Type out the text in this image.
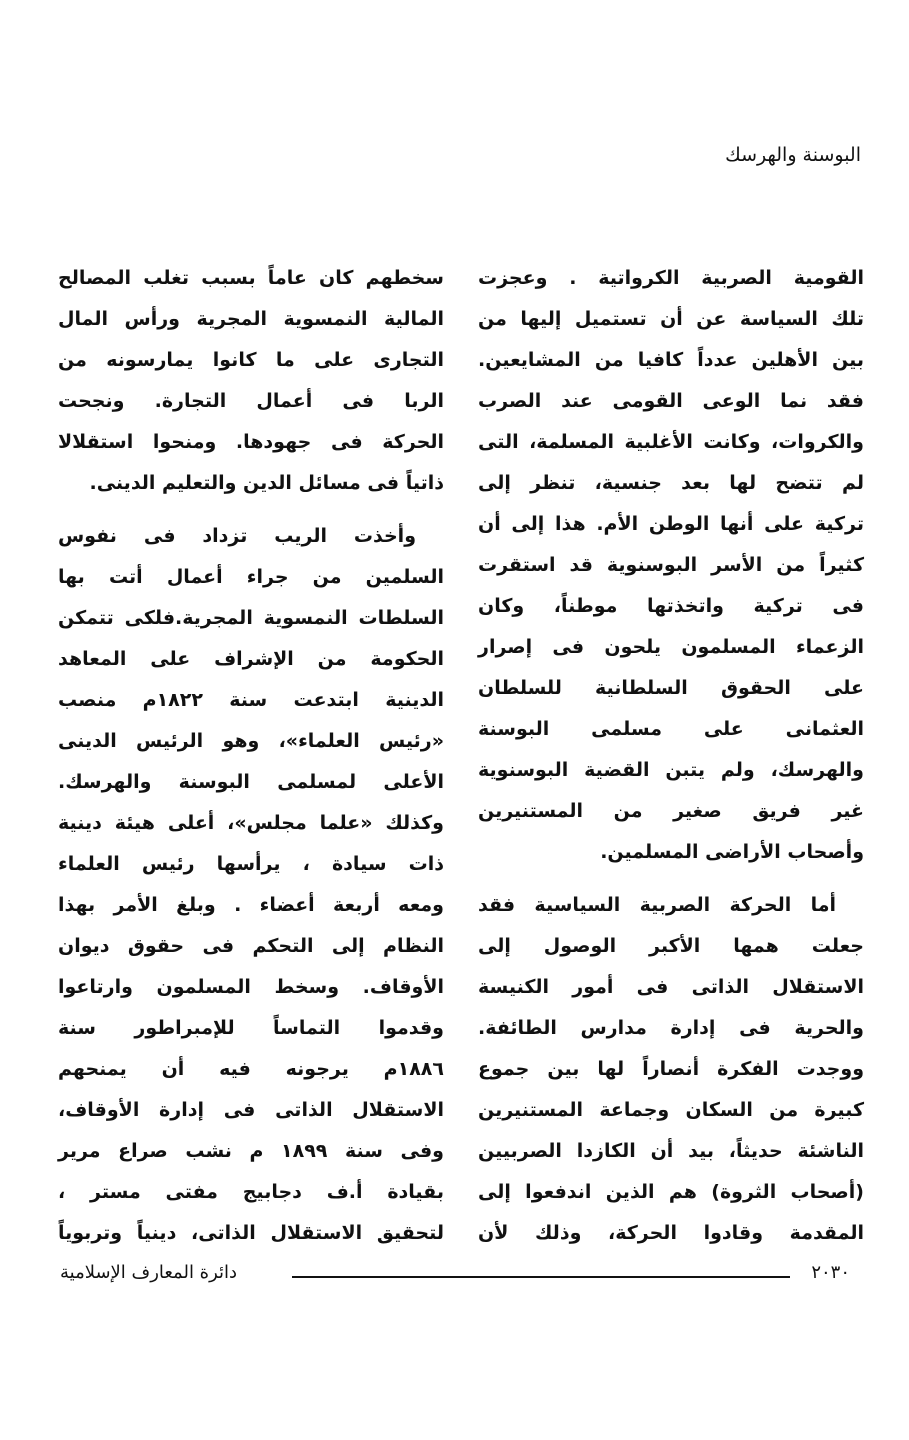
البوسنة والهرسك
القومية الصربية الكرواتية . وعجزت
تلك السياسة عن أن تستميل إليها من
بين الأهلين عدداً كافيا من المشايعين.
فقد نما الوعى القومى عند الصرب
والكروات، وكانت الأغلبية المسلمة، التى
لم تتضح لها بعد جنسية، تنظر إلى
تركية على أنها الوطن الأم. هذا إلى أن
كثيراً من الأسر البوسنوية قد استقرت
فى تركية واتخذتها موطناً، وكان
الزعماء المسلمون يلحون فى إصرار
على الحقوق السلطانية للسلطان
العثمانى على مسلمى البوسنة
والهرسك، ولم يتبن القضية البوسنوية
غير فريق صغير من المستنيرين
وأصحاب الأراضى المسلمين.
أما الحركة الصربية السياسية فقد
جعلت همها الأكبر الوصول إلى
الاستقلال الذاتى فى أمور الكنيسة
والحرية فى إدارة مدارس الطائفة.
ووجدت الفكرة أنصاراً لها بين جموع
كبيرة من السكان وجماعة المستنيرين
الناشئة حديثاً، بيد أن الكازدا الصربيين
(أصحاب الثروة) هم الذين اندفعوا إلى
المقدمة وقادوا الحركة، وذلك لأن
سخطهم كان عاماً بسبب تغلب المصالح
المالية النمسوية المجرية ورأس المال
التجارى على ما كانوا يمارسونه من
الربا فى أعمال التجارة. ونجحت
الحركة فى جهودها. ومنحوا استقلالا
ذاتياً فى مسائل الدين والتعليم الدينى.
وأخذت الريب تزداد فى نفوس
السلمين من جراء أعمال أتت بها
السلطات النمسوية المجرية.فلكى تتمكن
الحكومة من الإشراف على المعاهد
الدينية ابتدعت سنة ١٨٢٢م منصب
«رئيس العلماء»، وهو الرئيس الدينى
الأعلى لمسلمى البوسنة والهرسك.
وكذلك «علما مجلس»، أعلى هيئة دينية
ذات سيادة ، يرأسها رئيس العلماء
ومعه أربعة أعضاء . وبلغ الأمر بهذا
النظام إلى التحكم فى حقوق ديوان
الأوقاف. وسخط المسلمون وارتاعوا
وقدموا التماساً للإمبراطور سنة
١٨٨٦م يرجونه فيه أن يمنحهم
الاستقلال الذاتى فى إدارة الأوقاف،
وفى سنة ١٨٩٩ م نشب صراع مرير
بقيادة أ.ف دجابيج مفتى مستر ،
لتحقيق الاستقلال الذاتى، دينياً وتربوياً
٢٠٣٠
دائرة المعارف الإسلامية
